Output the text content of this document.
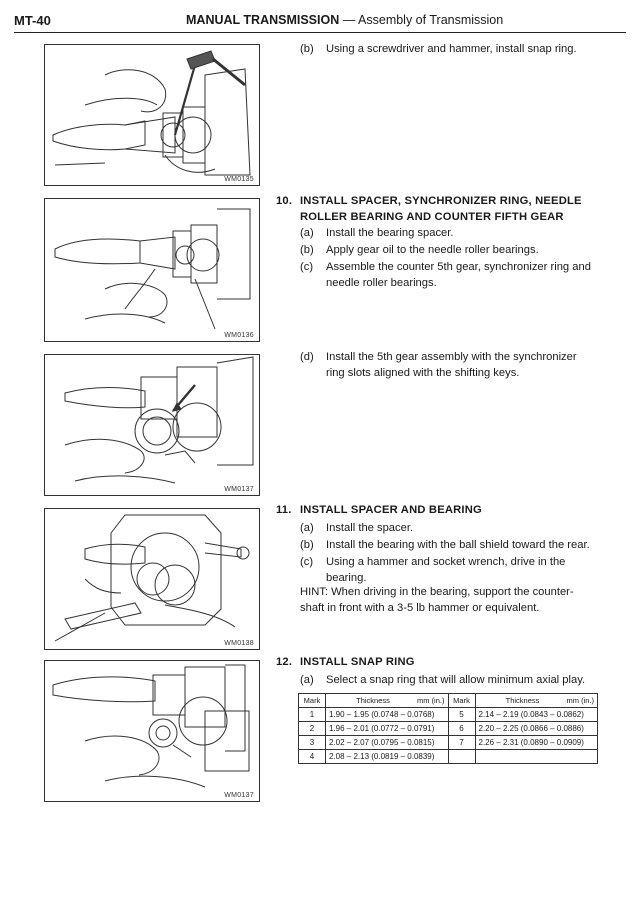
MT-40	MANUAL TRANSMISSION — Assembly of Transmission
WM0135
WM0136
WM0137
WM0138
WM0137
(b) Using a screwdriver and hammer, install snap ring.
10. INSTALL SPACER, SYNCHRONIZER RING, NEEDLE
ROLLER BEARING AND COUNTER FIFTH GEAR
(a) Install the bearing spacer.
(b) Apply gear oil to the needle roller bearings.
(c) Assemble the counter 5th gear, synchronizer ring and
needle roller bearings.
(d) Install the 5th gear assembly with the synchronizer
ring slots aligned with the shifting keys.
11. INSTALL SPACER AND BEARING
(a) Install the spacer.
(b) Install the bearing with the ball shield toward the rear.
(c) Using a hammer and socket wrench, drive in the
bearing.
HINT: When driving in the bearing, support the counter-
shaft in front with a 3-5 lb hammer or equivalent.
12. INSTALL SNAP RING
(a) Select a snap ring that will allow minimum axial play.
Mark	Thickness mm (in.)	Mark	Thickness mm (in.)

1	1.90 – 1.95 (0.0748 – 0.0768)	5	2.14 – 2.19 (0.0843 – 0.0862)
2	1.96 – 2.01 (0.0772 – 0.0791)	6	2.20 – 2.25 (0.0866 – 0.0886)
3	2.02 – 2.07 (0.0795 – 0.0815)	7	2.26 – 2.31 (0.0890 – 0.0909)
4	2.08 – 2.13 (0.0819 – 0.0839)		
